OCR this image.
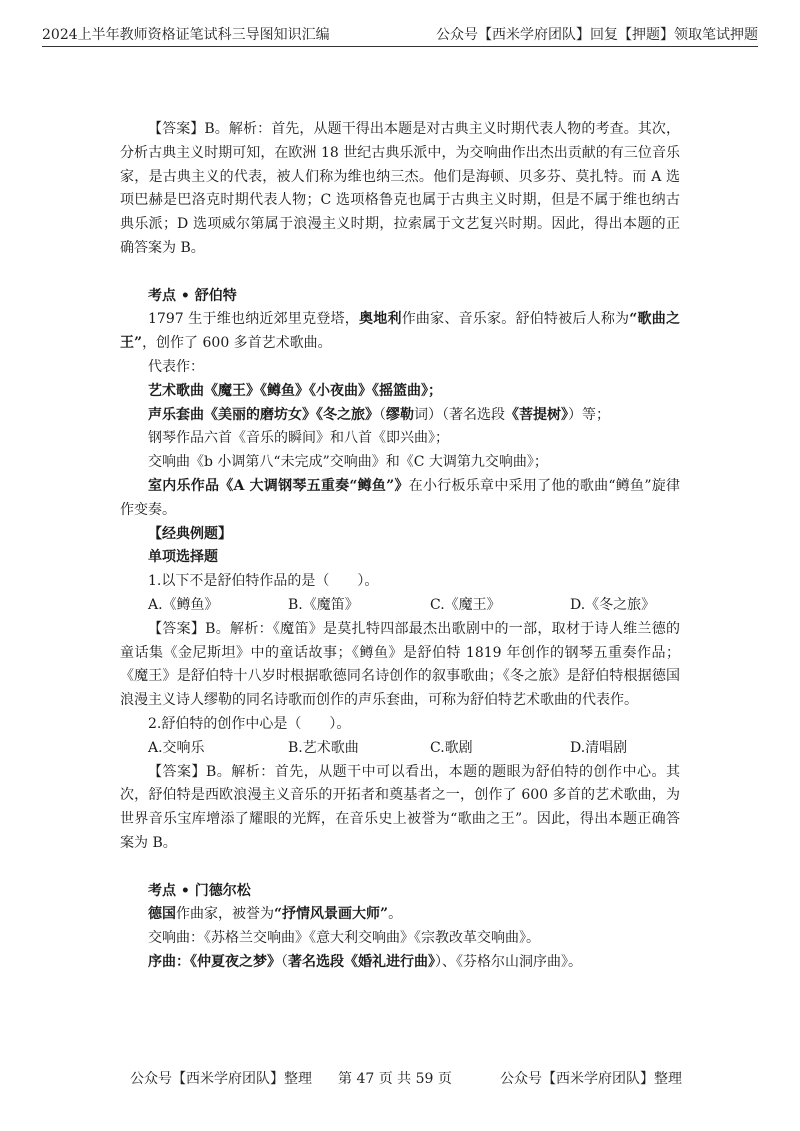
2024上半年教师资格证笔试科三导图知识汇编	公众号【西米学府团队】回复【押题】领取笔试押题

【答案】B。解析：首先，从题干得出本题是对古典主义时期代表人物的考查。其次，分析古典主义时期可知，在欧洲 18 世纪古典乐派中，为交响曲作出杰出贡献的有三位音乐家，是古典主义的代表，被人们称为维也纳三杰。他们是海顿、贝多芬、莫扎特。而 A 选项巴赫是巴洛克时期代表人物；C 选项格鲁克也属于古典主义时期，但是不属于维也纳古典乐派；D 选项威尔第属于浪漫主义时期，拉索属于文艺复兴时期。因此，得出本题的正确答案为 B。

考点 • 舒伯特

1797 生于维也纳近郊里克登塔，奥地利作曲家、音乐家。舒伯特被后人称为“歌曲之王”，创作了 600 多首艺术歌曲。

代表作：

艺术歌曲《魔王》《鳟鱼》《小夜曲》《摇篮曲》；

声乐套曲《美丽的磨坊女》《冬之旅》（缪勒词）（著名选段《菩提树》）等；

钢琴作品六首《音乐的瞬间》和八首《即兴曲》；

交响曲《b 小调第八“未完成”交响曲》和《C 大调第九交响曲》；

室内乐作品《A 大调钢琴五重奏“鳟鱼”》在小行板乐章中采用了他的歌曲“鳟鱼”旋律作变奏。

【经典例题】

单项选择题

1.以下不是舒伯特作品的是（　　）。

A.《鳟鱼》	B.《魔笛》	C.《魔王》	D.《冬之旅》

【答案】B。解析：《魔笛》是莫扎特四部最杰出歌剧中的一部，取材于诗人维兰德的童话集《金尼斯坦》中的童话故事；《鳟鱼》是舒伯特 1819 年创作的钢琴五重奏作品；《魔王》是舒伯特十八岁时根据歌德同名诗创作的叙事歌曲；《冬之旅》是舒伯特根据德国浪漫主义诗人缪勒的同名诗歌而创作的声乐套曲，可称为舒伯特艺术歌曲的代表作。

2.舒伯特的创作中心是（　　）。

A.交响乐	B.艺术歌曲	C.歌剧	D.清唱剧

【答案】B。解析：首先，从题干中可以看出，本题的题眼为舒伯特的创作中心。其次，舒伯特是西欧浪漫主义音乐的开拓者和奠基者之一，创作了 600 多首的艺术歌曲，为世界音乐宝库增添了耀眼的光辉，在音乐史上被誉为“歌曲之王”。因此，得出本题正确答案为 B。

考点 • 门德尔松

德国作曲家，被誉为“抒情风景画大师”。

交响曲：《苏格兰交响曲》《意大利交响曲》《宗教改革交响曲》。

序曲：《仲夏夜之梦》（著名选段《婚礼进行曲》）、《芬格尔山洞序曲》。

公众号【西米学府团队】整理 第 47 页 共 59 页	公众号【西米学府团队】整理
